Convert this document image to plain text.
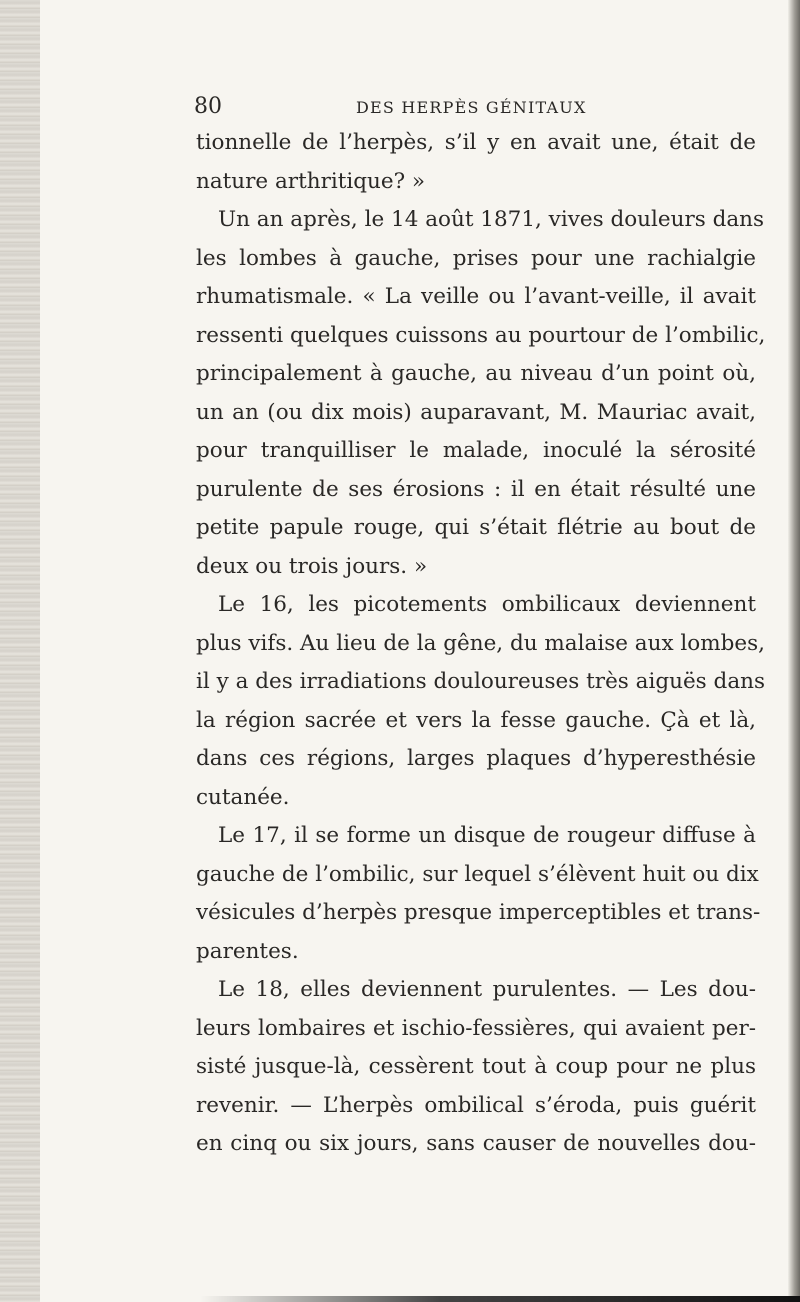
80	DES HERPÈS GÉNITAUX
tionnelle de l’herpès, s’il y en avait une, était de
nature arthritique? »
Un an après, le 14 août 1871, vives douleurs dans
les lombes à gauche, prises pour une rachialgie
rhumatismale. « La veille ou l’avant-veille, il avait
ressenti quelques cuissons au pourtour de l’ombilic,
principalement à gauche, au niveau d’un point où,
un an (ou dix mois) auparavant, M. Mauriac avait,
pour tranquilliser le malade, inoculé la sérosité
purulente de ses érosions : il en était résulté une
petite papule rouge, qui s’était flétrie au bout de
deux ou trois jours. »
Le 16, les picotements ombilicaux deviennent
plus vifs. Au lieu de la gêne, du malaise aux lombes,
il y a des irradiations douloureuses très aiguës dans
la région sacrée et vers la fesse gauche. Çà et là,
dans ces régions, larges plaques d’hyperesthésie
cutanée.
Le 17, il se forme un disque de rougeur diffuse à
gauche de l’ombilic, sur lequel s’élèvent huit ou dix
vésicules d’herpès presque imperceptibles et trans-
parentes.
Le 18, elles deviennent purulentes. — Les dou-
leurs lombaires et ischio-fessières, qui avaient per-
sisté jusque-là, cessèrent tout à coup pour ne plus
revenir. — L’herpès ombilical s’éroda, puis guérit
en cinq ou six jours, sans causer de nouvelles dou-
